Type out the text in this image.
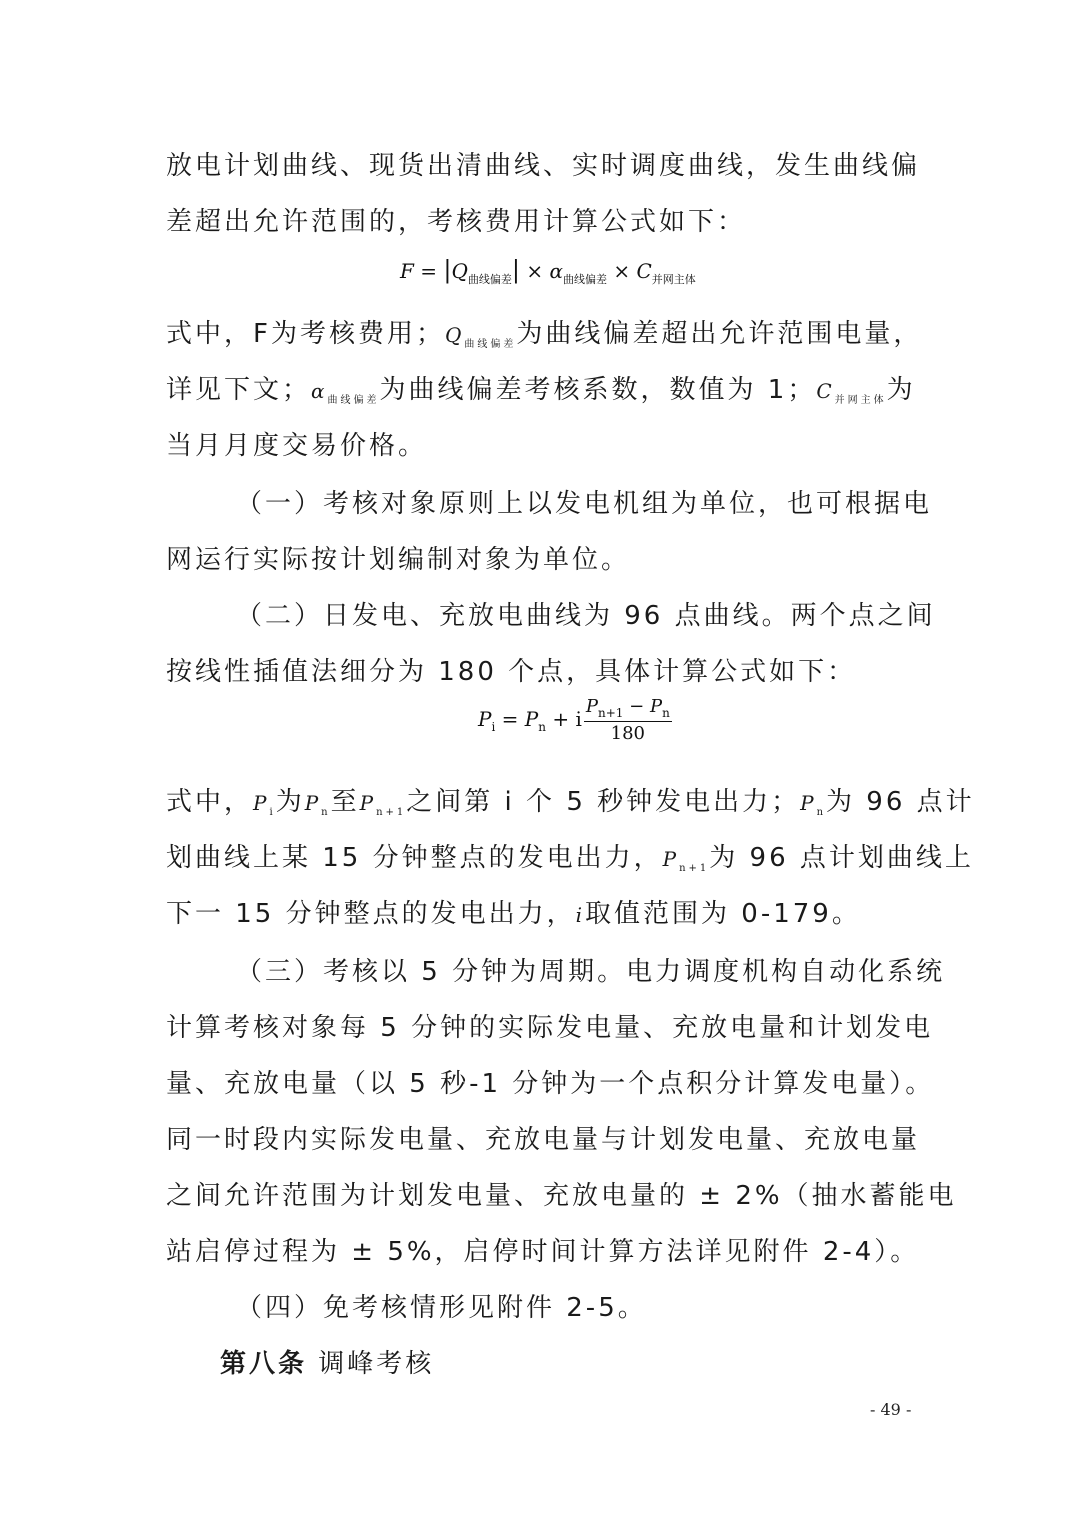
放电计划曲线、现货出清曲线、实时调度曲线，发生曲线偏
差超出允许范围的，考核费用计算公式如下：
$F = |Q_{曲线偏差}| \times \alpha_{曲线偏差} \times C_{并网主体}$
式中，F为考核费用；$Q_{曲线偏差}$为曲线偏差超出允许范围电量，
详见下文；$\alpha_{曲线偏差}$为曲线偏差考核系数，数值为 1；$C_{并网主体}$为
当月月度交易价格。
（一）考核对象原则上以发电机组为单位，也可根据电
网运行实际按计划编制对象为单位。
（二）日发电、充放电曲线为 96 点曲线。两个点之间
按线性插值法细分为 180 个点，具体计算公式如下：
$P_i = P_n + i \frac{P_{n+1} - P_n}{180}$
式中，$P_i$为$P_n$至$P_{n+1}$之间第 i 个 5 秒钟发电出力；$P_n$为 96 点计
划曲线上某 15 分钟整点的发电出力，$P_{n+1}$为 96 点计划曲线上
下一 15 分钟整点的发电出力，i取值范围为 0-179。
（三）考核以 5 分钟为周期。电力调度机构自动化系统
计算考核对象每 5 分钟的实际发电量、充放电量和计划发电
量、充放电量（以 5 秒-1 分钟为一个点积分计算发电量）。
同一时段内实际发电量、充放电量与计划发电量、充放电量
之间允许范围为计划发电量、充放电量的 ± 2%（抽水蓄能电
站启停过程为 ± 5%，启停时间计算方法详见附件 2-4）。
（四）免考核情形见附件 2-5。
第八条 调峰考核
- 49 -
